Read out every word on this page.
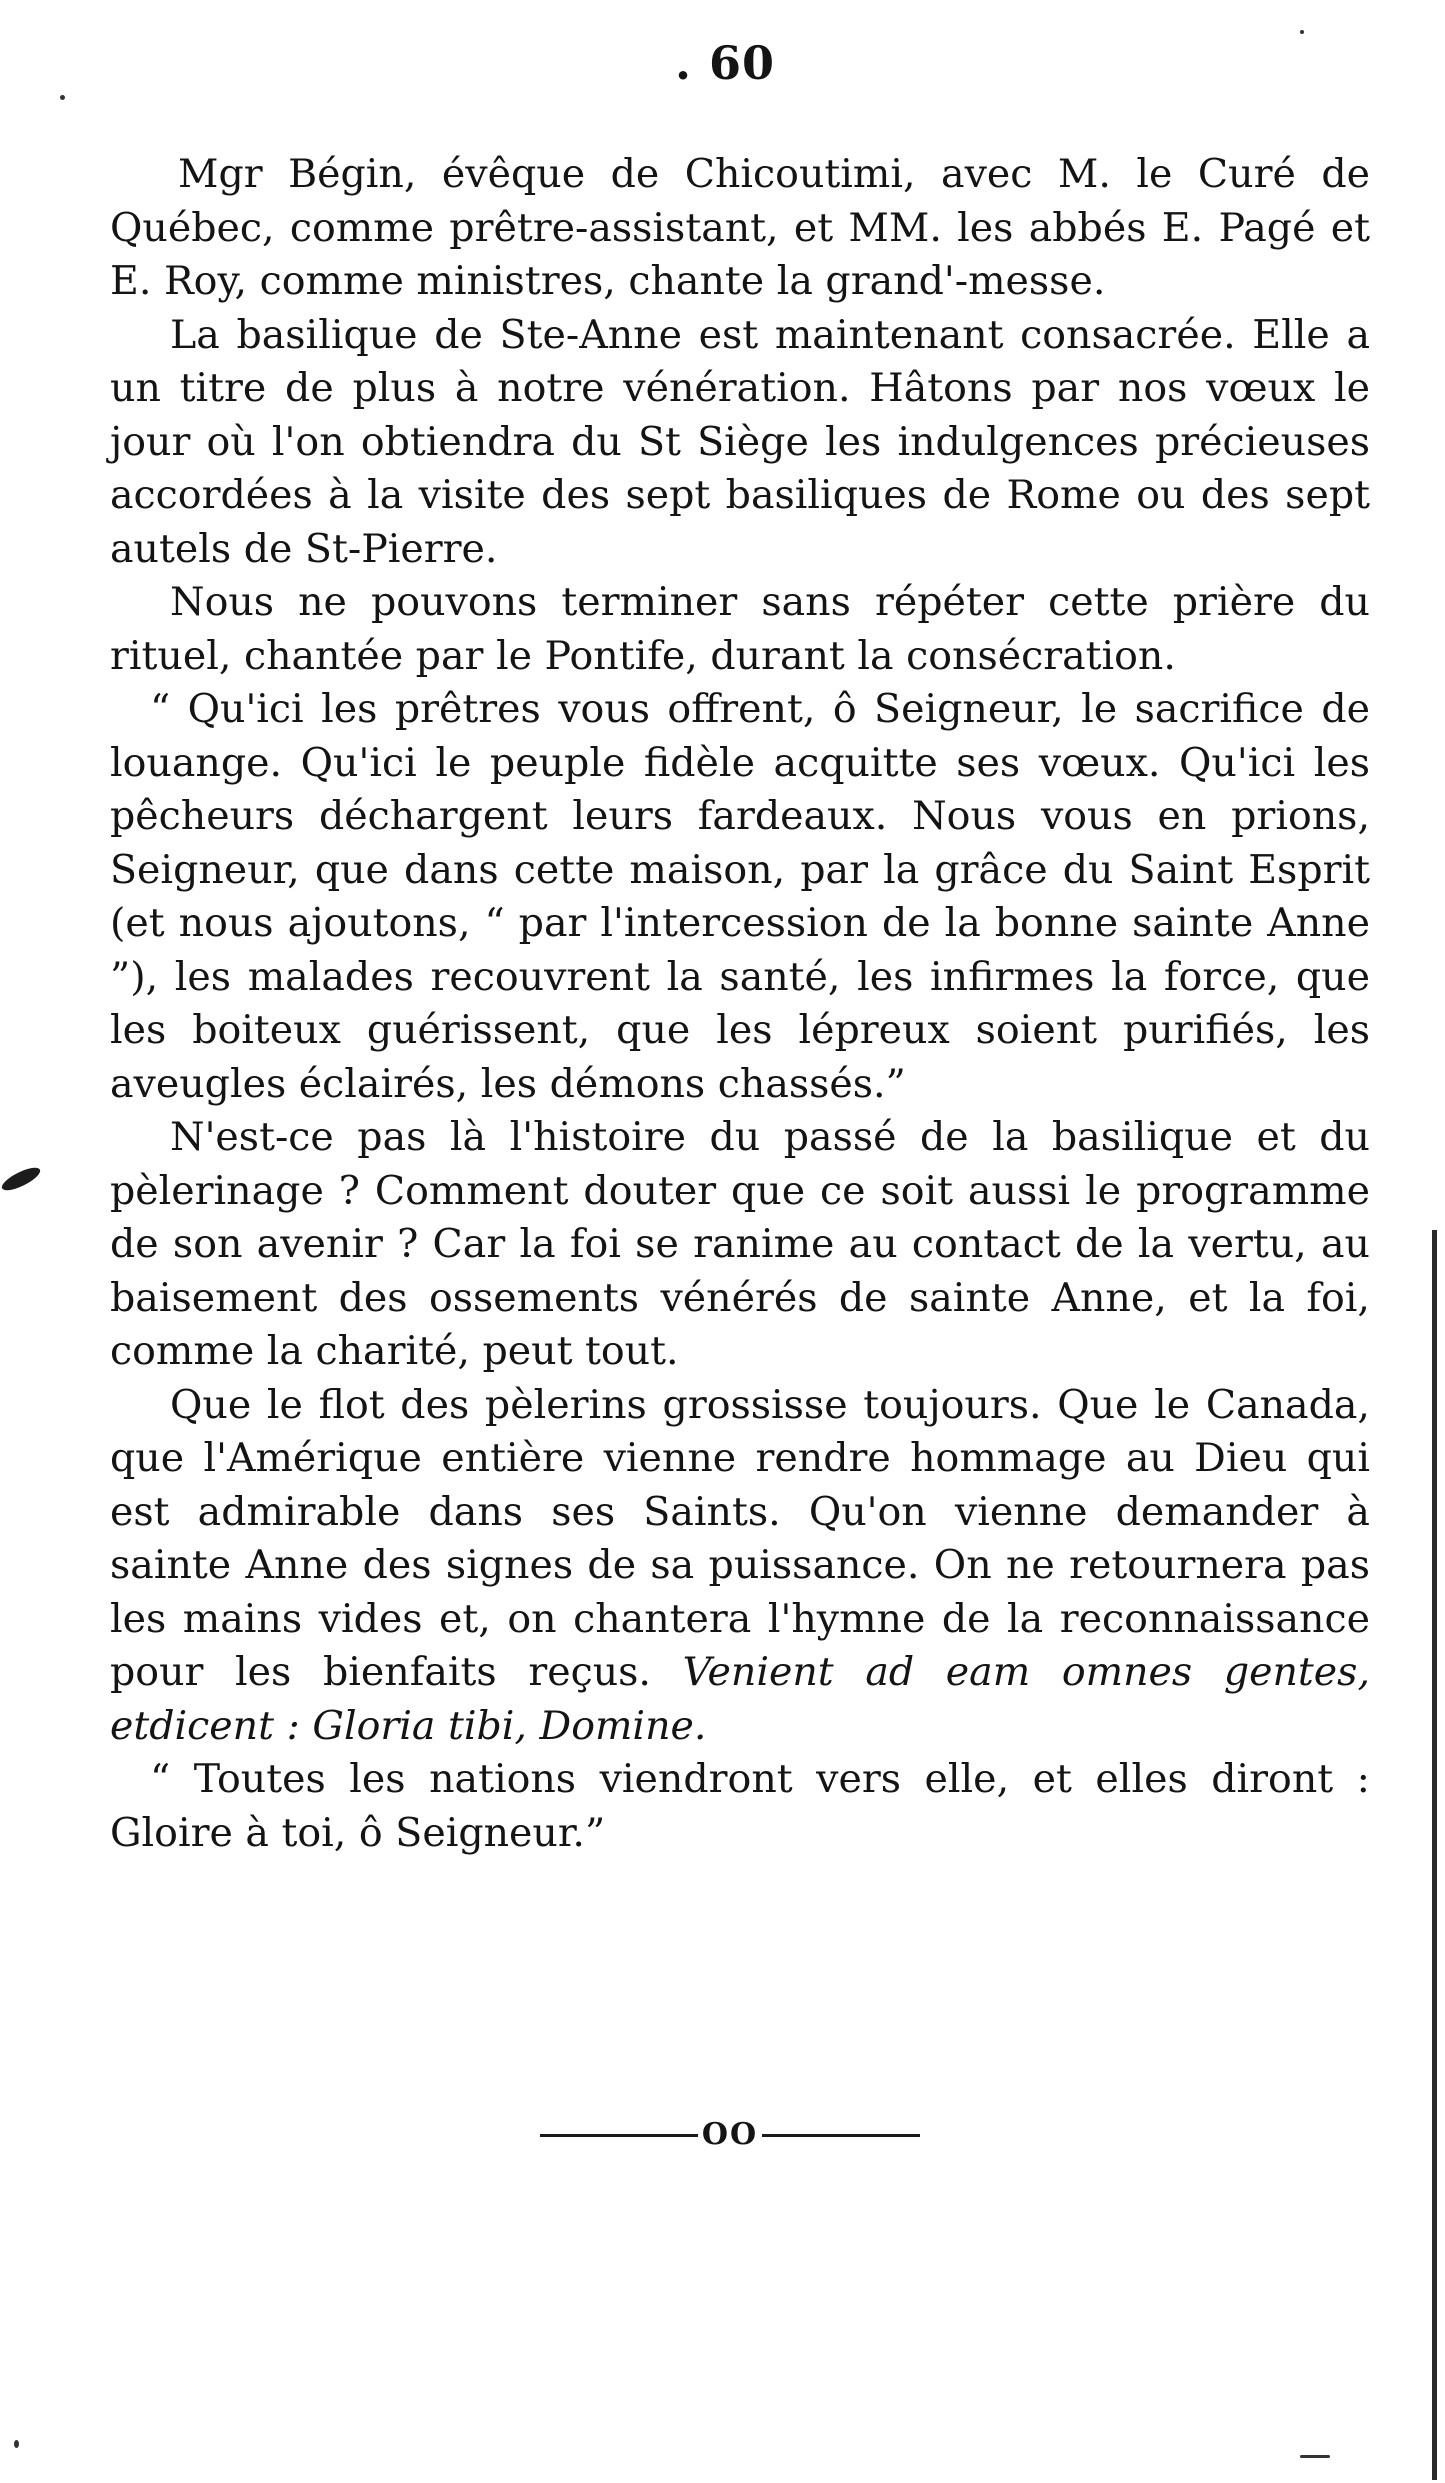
. 60

Mgr Bégin, évêque de Chicoutimi, avec M. le Curé de Québec, comme prêtre-assistant, et MM. les abbés E. Pagé et E. Roy, comme ministres, chante la grand'-messe.

La basilique de Ste-Anne est maintenant consacrée. Elle a un titre de plus à notre vénération. Hâtons par nos vœux le jour où l'on obtiendra du St Siège les indulgences précieuses accordées à la visite des sept basiliques de Rome ou des sept autels de St-Pierre.

Nous ne pouvons terminer sans répéter cette prière du rituel, chantée par le Pontife, durant la consécration.

“ Qu'ici les prêtres vous offrent, ô Seigneur, le sacrifice de louange. Qu'ici le peuple fidèle acquitte ses vœux. Qu'ici les pêcheurs déchargent leurs fardeaux. Nous vous en prions, Seigneur, que dans cette maison, par la grâce du Saint Esprit (et nous ajoutons, “ par l'intercession de la bonne sainte Anne ”), les malades recouvrent la santé, les infirmes la force, que les boiteux guérissent, que les lépreux soient purifiés, les aveugles éclairés, les démons chassés.”

N'est-ce pas là l'histoire du passé de la basilique et du pèlerinage ? Comment douter que ce soit aussi le programme de son avenir ? Car la foi se ranime au contact de la vertu, au baisement des ossements vénérés de sainte Anne, et la foi, comme la charité, peut tout.

Que le flot des pèlerins grossisse toujours. Que le Canada, que l'Amérique entière vienne rendre hommage au Dieu qui est admirable dans ses Saints. Qu'on vienne demander à sainte Anne des signes de sa puissance. On ne retournera pas les mains vides et, on chantera l'hymne de la reconnaissance pour les bienfaits reçus. Venient ad eam omnes gentes, etdicent : Gloria tibi, Domine.

“ Toutes les nations viendront vers elle, et elles diront : Gloire à toi, ô Seigneur.”

OO
